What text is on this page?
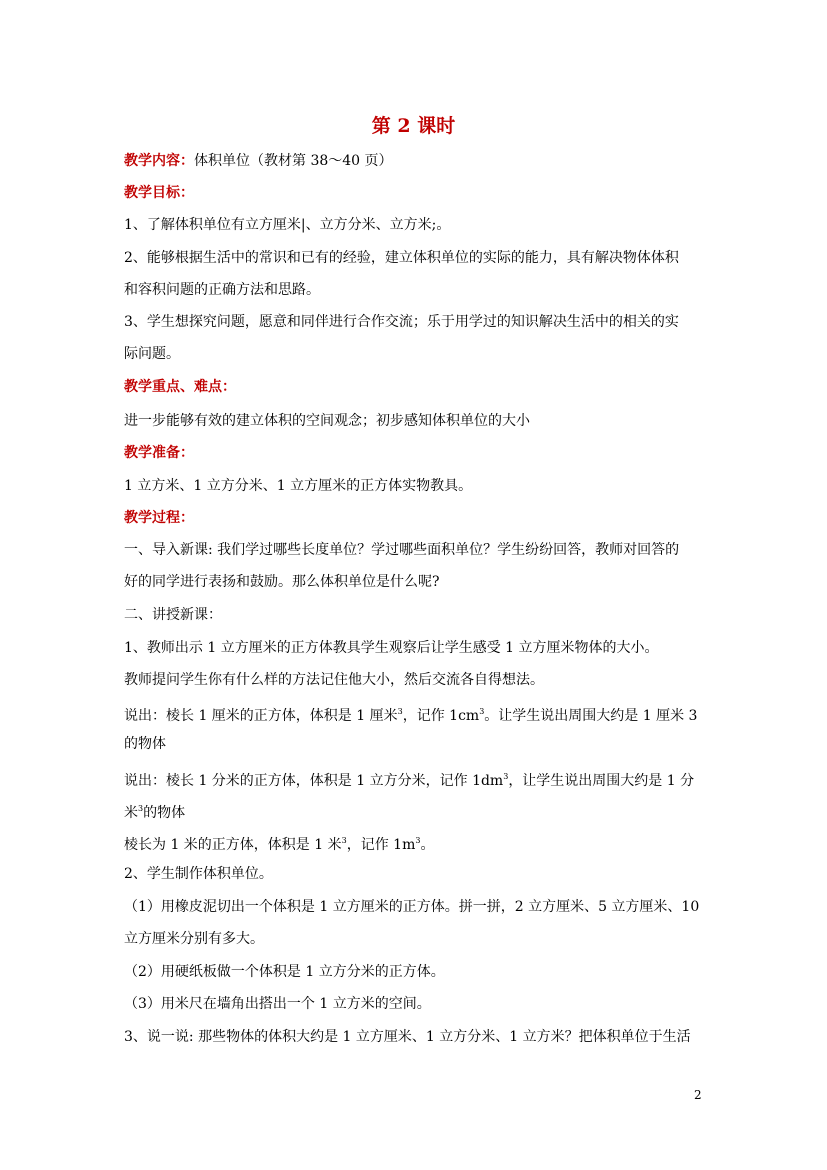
第 2 课时
教学内容：体积单位（教材第 38～40 页）
教学目标：
1、了解体积单位有立方厘米|、立方分米、立方米;。
2、能够根据生活中的常识和已有的经验，建立体积单位的实际的能力，具有解决物体体积
和容积问题的正确方法和思路。
3、学生想探究问题，愿意和同伴进行合作交流；乐于用学过的知识解决生活中的相关的实
际问题。
教学重点、难点：
进一步能够有效的建立体积的空间观念；初步感知体积单位的大小
教学准备：
1 立方米、1 立方分米、1 立方厘米的正方体实物教具。
教学过程：
一、导入新课: 我们学过哪些长度单位？学过哪些面积单位？学生纷纷回答，教师对回答的
好的同学进行表扬和鼓励。那么体积单位是什么呢?
二、讲授新课：
1、教师出示 1 立方厘米的正方体教具学生观察后让学生感受 1 立方厘米物体的大小。
教师提问学生你有什么样的方法记住他大小，然后交流各自得想法。
说出：棱长 1 厘米的正方体，体积是 1 厘米$^3$，记作 $1cm^3$。让学生说出周围大约是 1 厘米 3
的物体
说出：棱长 1 分米的正方体，体积是 1 立方分米，记作 $1dm^3$，让学生说出周围大约是 1 分
米$^3$的物体
棱长为 1 米的正方体，体积是 1 米$^3$，记作 $1m^3$。
2、学生制作体积单位。
（1）用橡皮泥切出一个体积是 1 立方厘米的正方体。拼一拼，2 立方厘米、5 立方厘米、10
立方厘米分别有多大。
（2）用硬纸板做一个体积是 1 立方分米的正方体。
（3）用米尺在墙角出搭出一个 1 立方米的空间。
3、说一说: 那些物体的体积大约是 1 立方厘米、1 立方分米、1 立方米？把体积单位于生活
2
